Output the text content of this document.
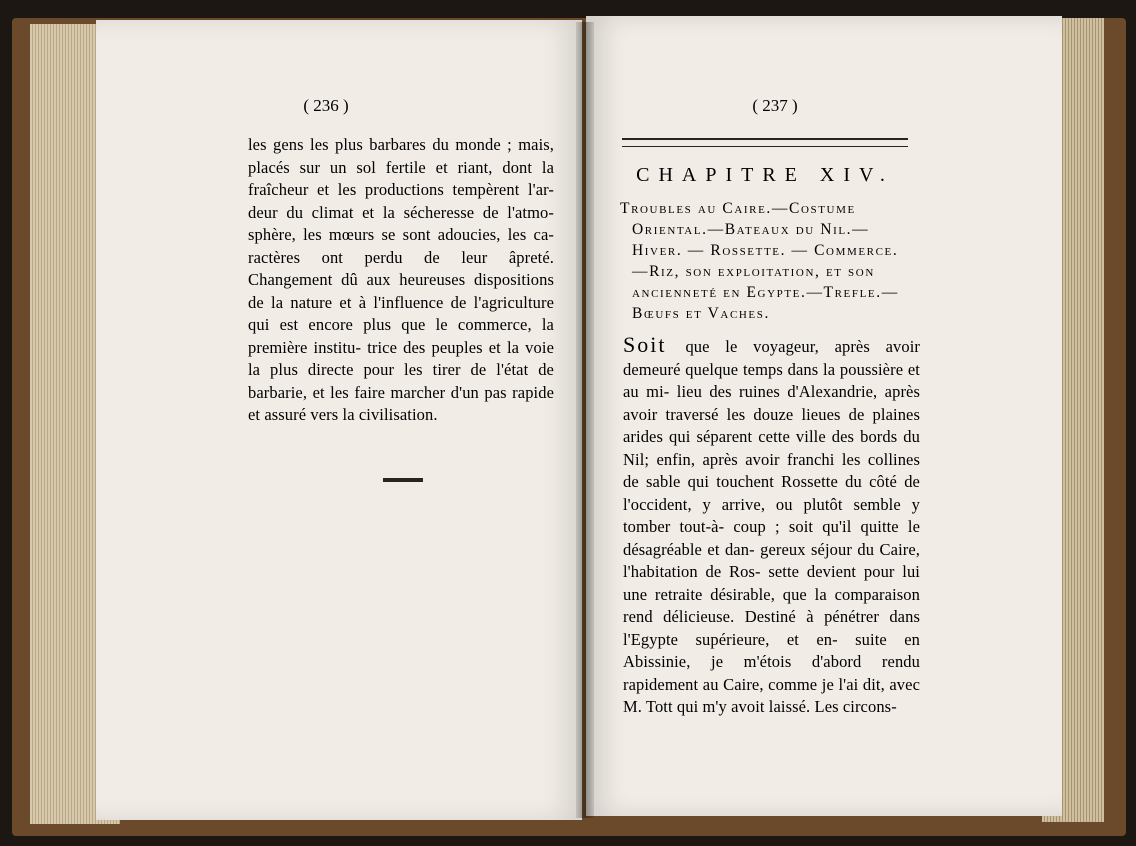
( 236 )	( 237 )
les gens les plus barbares du monde ; mais, placés sur un sol fertile et riant, dont la fraîcheur et les productions tempèrent l'ar- deur du climat et la sécheresse de l'atmo- sphère, les mœurs se sont adoucies, les ca- ractères ont perdu de leur âpreté. Changement dû aux heureuses dispositions de la nature et à l'influence de l'agriculture qui est encore plus que le commerce, la première institu- trice des peuples et la voie la plus directe pour les tirer de l'état de barbarie, et les faire marcher d'un pas rapide et assuré vers la civilisation.
CHAPITRE XIV.
Troubles au Caire.—Costume
Oriental.—Bateaux du Nil.—
Hiver. — Rossette. — Commerce.
—Riz, son exploitation, et son
ancienneté en Egypte.—Trefle.—
Bœufs et Vaches.
Soit que le voyageur, après avoir demeuré quelque temps dans la poussière et au mi- lieu des ruines d'Alexandrie, après avoir traversé les douze lieues de plaines arides qui séparent cette ville des bords du Nil; enfin, après avoir franchi les collines de sable qui touchent Rossette du côté de l'occident, y arrive, ou plutôt semble y tomber tout-à- coup ; soit qu'il quitte le désagréable et dan- gereux séjour du Caire, l'habitation de Ros- sette devient pour lui une retraite désirable, que la comparaison rend délicieuse. Destiné à pénétrer dans l'Egypte supérieure, et en- suite en Abissinie, je m'étois d'abord rendu rapidement au Caire, comme je l'ai dit, avec M. Tott qui m'y avoit laissé. Les circons-
